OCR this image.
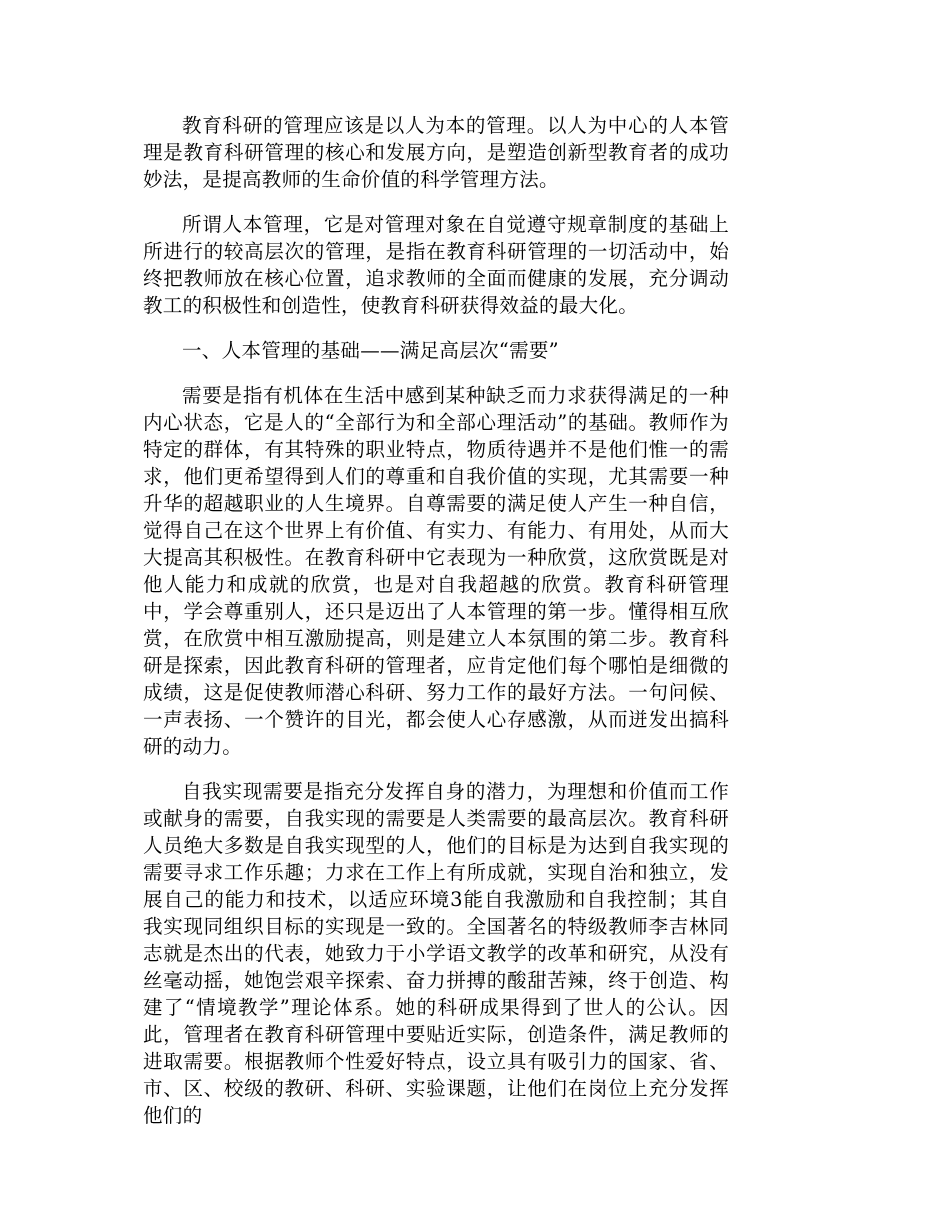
教育科研的管理应该是以人为本的管理。以人为中心的人本管理是教育科研管理的核心和发展方向，是塑造创新型教育者的成功妙法，是提高教师的生命价值的科学管理方法。

所谓人本管理，它是对管理对象在自觉遵守规章制度的基础上所进行的较高层次的管理，是指在教育科研管理的一切活动中，始终把教师放在核心位置，追求教师的全面而健康的发展，充分调动教工的积极性和创造性，使教育科研获得效益的最大化。

一、人本管理的基础——满足高层次“需要”

需要是指有机体在生活中感到某种缺乏而力求获得满足的一种内心状态，它是人的“全部行为和全部心理活动”的基础。教师作为特定的群体，有其特殊的职业特点，物质待遇并不是他们惟一的需求，他们更希望得到人们的尊重和自我价值的实现，尤其需要一种升华的超越职业的人生境界。自尊需要的满足使人产生一种自信，觉得自己在这个世界上有价值、有实力、有能力、有用处，从而大大提高其积极性。在教育科研中它表现为一种欣赏，这欣赏既是对他人能力和成就的欣赏，也是对自我超越的欣赏。教育科研管理中，学会尊重别人，还只是迈出了人本管理的第一步。懂得相互欣赏，在欣赏中相互激励提高，则是建立人本氛围的第二步。教育科研是探索，因此教育科研的管理者，应肯定他们每个哪怕是细微的成绩，这是促使教师潜心科研、努力工作的最好方法。一句问候、一声表扬、一个赞许的目光，都会使人心存感激，从而迸发出搞科研的动力。

自我实现需要是指充分发挥自身的潜力，为理想和价值而工作或献身的需要，自我实现的需要是人类需要的最高层次。教育科研人员绝大多数是自我实现型的人，他们的目标是为达到自我实现的需要寻求工作乐趣；力求在工作上有所成就，实现自治和独立，发展自己的能力和技术，以适应环境3能自我激励和自我控制；其自我实现同组织目标的实现是一致的。全国著名的特级教师李吉林同志就是杰出的代表，她致力于小学语文教学的改革和研究，从没有丝毫动摇，她饱尝艰辛探索、奋力拼搏的酸甜苦辣，终于创造、构建了“情境教学”理论体系。她的科研成果得到了世人的公认。因此，管理者在教育科研管理中要贴近实际，创造条件，满足教师的进取需要。根据教师个性爱好特点，设立具有吸引力的国家、省、市、区、校级的教研、科研、实验课题，让他们在岗位上充分发挥他们的
